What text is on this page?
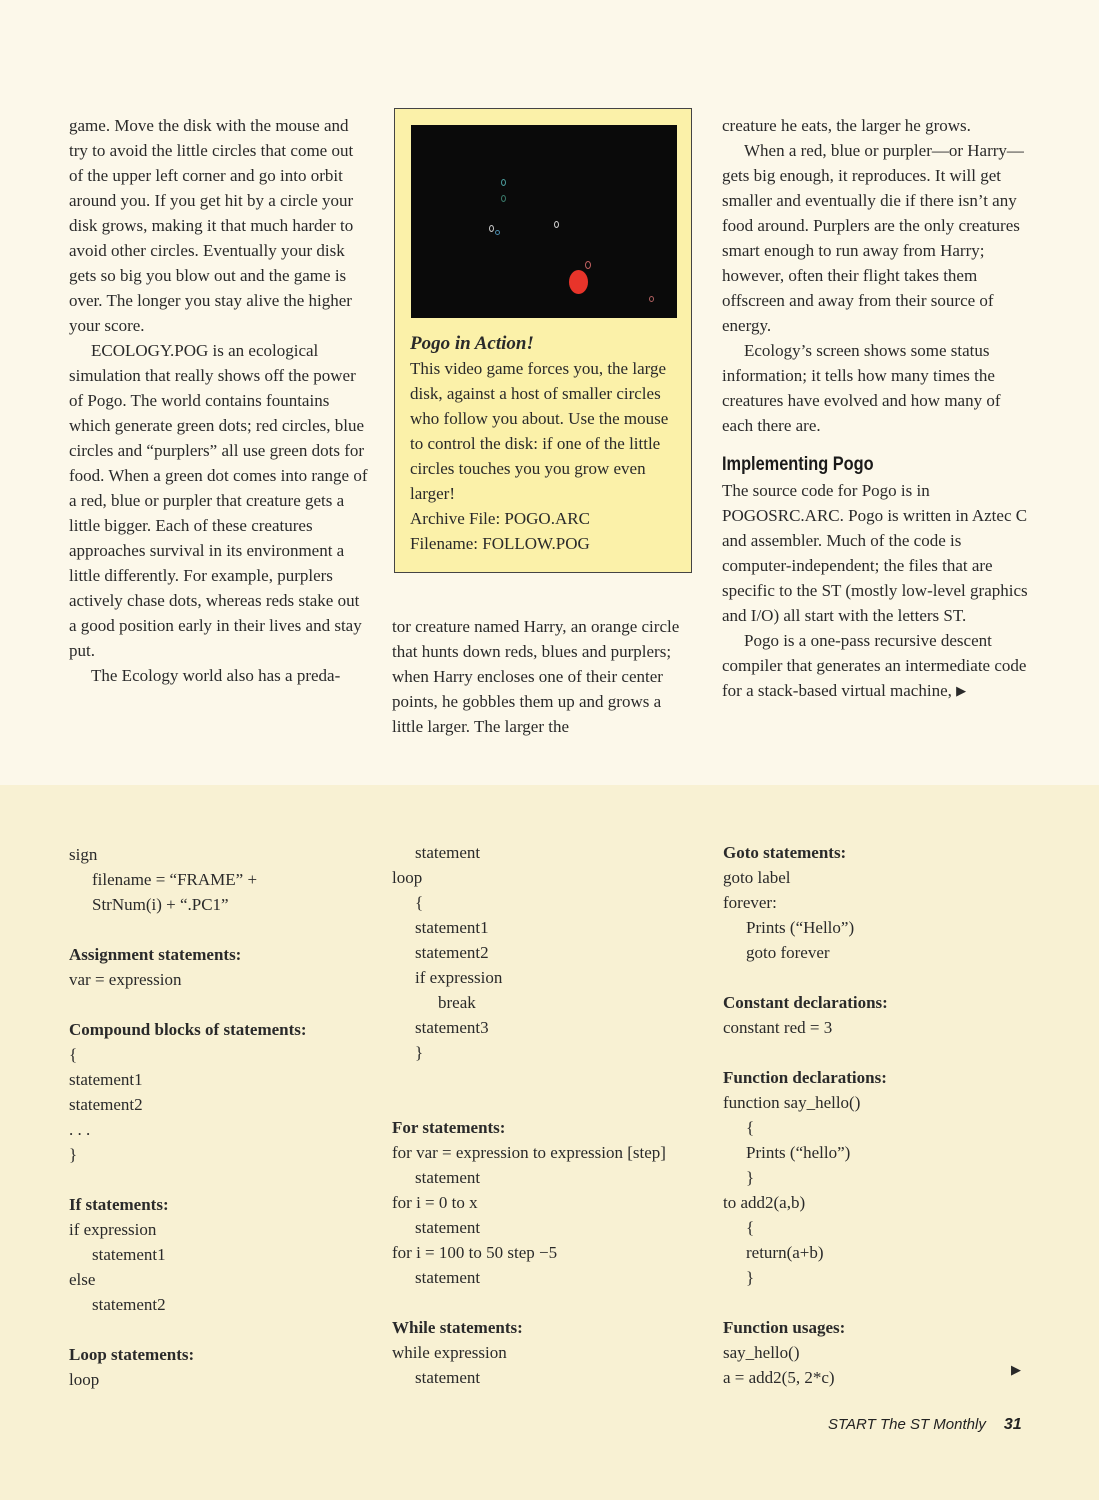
game. Move the disk with the mouse and try to avoid the little circles that come out of the upper left corner and go into orbit around you. If you get hit by a circle your disk grows, making it that much harder to avoid other circles. Eventually your disk gets so big you blow out and the game is over. The longer you stay alive the higher your score.

ECOLOGY.POG is an ecological simulation that really shows off the power of Pogo. The world contains fountains which generate green dots; red circles, blue circles and “purplers” all use green dots for food. When a green dot comes into range of a red, blue or purpler that creature gets a little bigger. Each of these creatures approaches survival in its environment a little differently. For example, purplers actively chase dots, whereas reds stake out a good position early in their lives and stay put.

The Ecology world also has a preda-

Pogo in Action!

This video game forces you, the large disk, against a host of smaller circles who follow you about. Use the mouse to control the disk: if one of the little circles touches you you grow even larger!

Archive File: POGO.ARC

Filename: FOLLOW.POG

tor creature named Harry, an orange circle that hunts down reds, blues and purplers; when Harry encloses one of their center points, he gobbles them up and grows a little larger. The larger the

creature he eats, the larger he grows.

When a red, blue or purpler—or Harry—gets big enough, it reproduces. It will get smaller and eventually die if there isn’t any food around. Purplers are the only creatures smart enough to run away from Harry; however, often their flight takes them offscreen and away from their source of energy.

Ecology’s screen shows some status information; it tells how many times the creatures have evolved and how many of each there are.

Implementing Pogo

The source code for Pogo is in POGOSRC.ARC. Pogo is written in Aztec C and assembler. Much of the code is computer-independent; the files that are specific to the ST (mostly low-level graphics and I/O) all start with the letters ST.

Pogo is a one-pass recursive descent compiler that generates an intermediate code for a stack-based virtual machine, ▶

sign
filename = “FRAME” +
StrNum(i) + “.PC1”
Assignment statements:
var = expression
Compound blocks of statements:
{
statement1
statement2
. . .
}
If statements:
if expression
statement1
else
statement2
Loop statements:
loop
statement
loop
{
statement1
statement2
if expression
break
statement3
}
For statements:
for var = expression to expression [step]
statement
for i = 0 to x
statement
for i = 100 to 50 step −5
statement
While statements:
while expression
statement
Goto statements:
goto label
forever:
Prints (“Hello”)
goto forever
Constant declarations:
constant red = 3
Function declarations:
function say_hello()
{
Prints (“hello”)
}
to add2(a,b)
{
return(a+b)
}
Function usages:
say_hello()
a = add2(5, 2*c)	▶
START The ST Monthly 31
